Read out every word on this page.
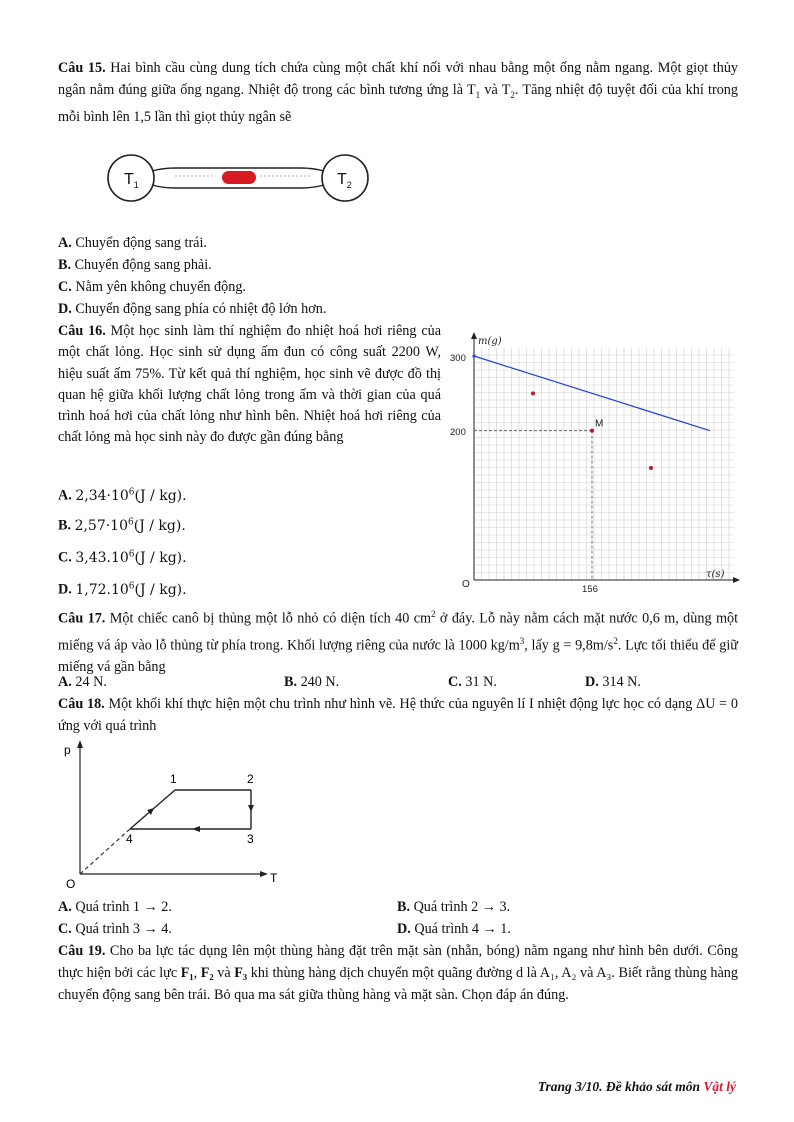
Câu 15. Hai bình cầu cùng dung tích chứa cùng một chất khí nối với nhau bằng một ống nằm ngang. Một giọt thủy ngân nằm đúng giữa ống ngang. Nhiệt độ trong các bình tương ứng là $T_1$ và $T_2$. Tăng nhiệt độ tuyệt đối của khí trong mỗi bình lên 1,5 lần thì giọt thủy ngân sẽ

$T_1$	$T_2$
A. Chuyển động sang trái.
B. Chuyển động sang phải.
C. Nằm yên không chuyển động.
D. Chuyển động sang phía có nhiệt độ lớn hơn.
Câu 16. Một học sinh làm thí nghiệm đo nhiệt hoá hơi riêng của một chất lỏng. Học sinh sử dụng ấm đun có công suất 2200 W, hiệu suất ấm 75%. Từ kết quả thí nghiệm, học sinh vẽ được đồ thị quan hệ giữa khối lượng chất lỏng trong ấm và thời gian của quá trình hoá hơi của chất lỏng như hình bên. Nhiệt hoá hơi riêng của chất lỏng mà học sinh này đo được gần đúng bằng
A. $2,34\cdot 10^6(J / kg)$.
B. $2,57\cdot 10^6(J / kg)$.
C. 3,43.10$^6$(J / kg).
D. 1,72.10$^6$(J / kg).
m(g)
τ(s)
O
300
200
156
M

Câu 17. Một chiếc canô bị thủng một lỗ nhỏ có diện tích 40 $cm^2$ ở đáy. Lỗ này nằm cách mặt nước 0,6 m, dùng một miếng vá áp vào lỗ thủng từ phía trong. Khối lượng riêng của nước là 1000 $kg/m^3$, lấy $g = 9,8m/s^2$. Lực tối thiểu để giữ miếng vá gần bằng

A. 24 N.	B. 240 N.	C. 31 N.	D. 314 N.

Câu 18. Một khối khí thực hiện một chu trình như hình vẽ. Hệ thức của nguyên lí I nhiệt động lực học có dạng ΔU = 0 ứng với quá trình

p
T
O
1	2
3
4
A. Quá trình 1 → 2.	B. Quá trình 2 → 3.
C. Quá trình 3 → 4.	D. Quá trình 4 → 1.

Câu 19. Cho ba lực tác dụng lên một thùng hàng đặt trên mặt sàn (nhẵn, bóng) nằm ngang như hình bên dưới. Công thực hiện bởi các lực F₁, F₂ và F₃ khi thùng hàng dịch chuyển một quãng đường d là A₁, A₂ và A₃. Biết rằng thùng hàng chuyển động sang bên trái. Bỏ qua ma sát giữa thùng hàng và mặt sàn. Chọn đáp án đúng.

Trang 3/10. Đề khảo sát môn Vật lý
